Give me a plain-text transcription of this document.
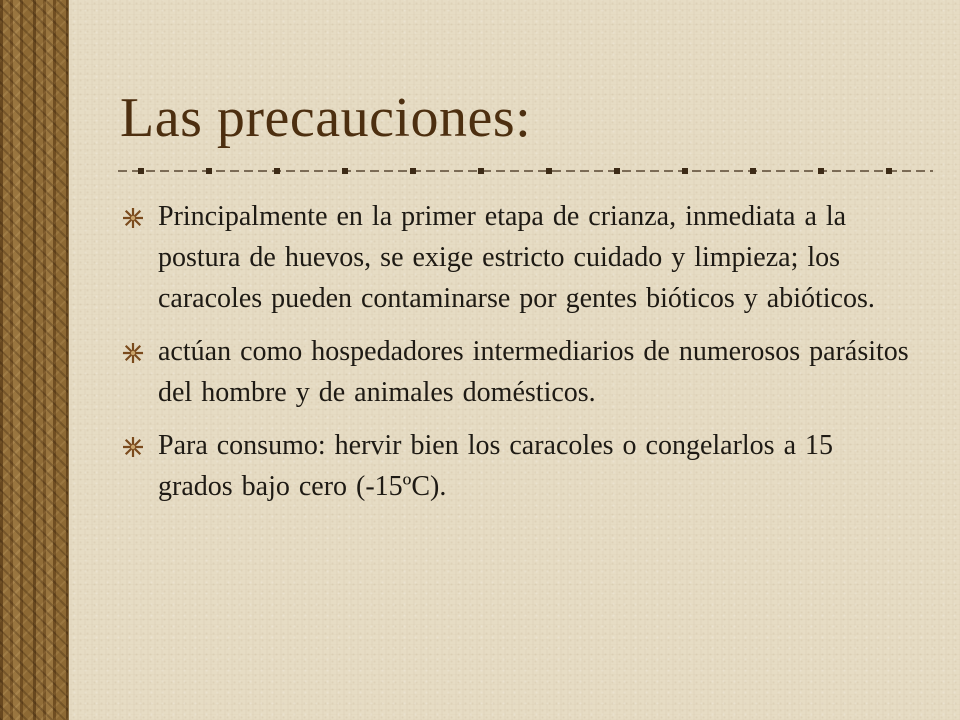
Las precauciones:
Principalmente en la primer etapa de crianza, inmediata a la postura de huevos, se exige estricto cuidado y limpieza; los caracoles pueden contaminarse por gentes bióticos y abióticos.
actúan como hospedadores intermediarios de numerosos parásitos del hombre y de animales domésticos.
Para consumo: hervir bien los caracoles o congelarlos a 15 grados bajo cero (-15ºC).
